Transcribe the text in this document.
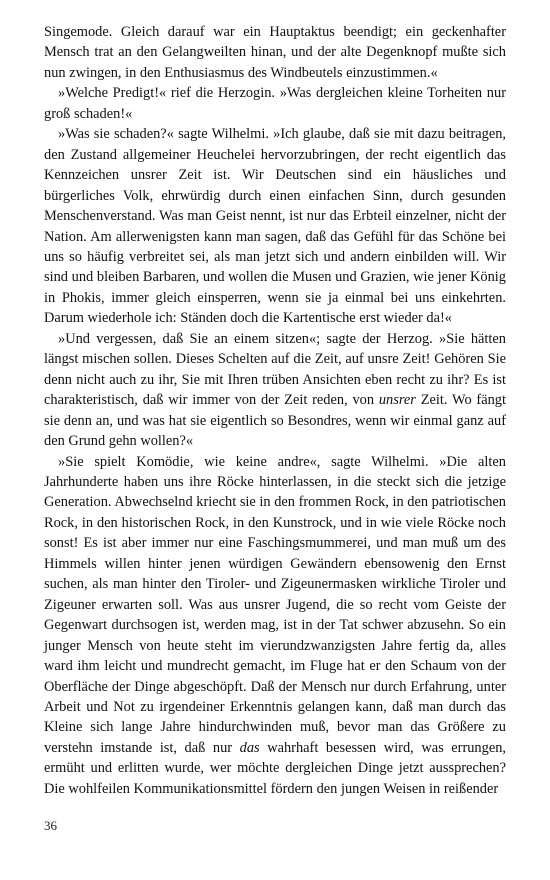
Singemode. Gleich darauf war ein Hauptaktus beendigt; ein geckenhafter Mensch trat an den Gelangweilten hinan, und der alte Degenknopf mußte sich nun zwingen, in den Enthusiasmus des Windbeutels einzustimmen.«

»Welche Predigt!« rief die Herzogin. »Was dergleichen kleine Torheiten nur groß schaden!«

»Was sie schaden?« sagte Wilhelmi. »Ich glaube, daß sie mit dazu beitragen, den Zustand allgemeiner Heuchelei hervorzubringen, der recht eigentlich das Kennzeichen unsrer Zeit ist. Wir Deutschen sind ein häusliches und bürgerliches Volk, ehrwürdig durch einen einfachen Sinn, durch gesunden Menschenverstand. Was man Geist nennt, ist nur das Erbteil einzelner, nicht der Nation. Am allerwenigsten kann man sagen, daß das Gefühl für das Schöne bei uns so häufig verbreitet sei, als man jetzt sich und andern einbilden will. Wir sind und bleiben Barbaren, und wollen die Musen und Grazien, wie jener König in Phokis, immer gleich einsperren, wenn sie ja einmal bei uns einkehrten. Darum wiederhole ich: Ständen doch die Kartentische erst wieder da!«

»Und vergessen, daß Sie an einem sitzen«; sagte der Herzog. »Sie hätten längst mischen sollen. Dieses Schelten auf die Zeit, auf unsre Zeit! Gehören Sie denn nicht auch zu ihr, Sie mit Ihren trüben Ansichten eben recht zu ihr? Es ist charakteristisch, daß wir immer von der Zeit reden, von unsrer Zeit. Wo fängt sie denn an, und was hat sie eigentlich so Besondres, wenn wir einmal ganz auf den Grund gehn wollen?«

»Sie spielt Komödie, wie keine andre«, sagte Wilhelmi. »Die alten Jahrhunderte haben uns ihre Röcke hinterlassen, in die steckt sich die jetzige Generation. Abwechselnd kriecht sie in den frommen Rock, in den patriotischen Rock, in den historischen Rock, in den Kunstrock, und in wie viele Röcke noch sonst! Es ist aber immer nur eine Faschingsmummerei, und man muß um des Himmels willen hinter jenen würdigen Gewändern ebensowenig den Ernst suchen, als man hinter den Tiroler- und Zigeunermasken wirkliche Tiroler und Zigeuner erwarten soll. Was aus unsrer Jugend, die so recht vom Geiste der Gegenwart durchsogen ist, werden mag, ist in der Tat schwer abzusehn. So ein junger Mensch von heute steht im vierundzwanzigsten Jahre fertig da, alles ward ihm leicht und mundrecht gemacht, im Fluge hat er den Schaum von der Oberfläche der Dinge abgeschöpft. Daß der Mensch nur durch Erfahrung, unter Arbeit und Not zu irgendeiner Erkenntnis gelangen kann, daß man durch das Kleine sich lange Jahre hindurchwinden muß, bevor man das Größere zu verstehn imstande ist, daß nur das wahrhaft besessen wird, was errungen, ermüht und erlitten wurde, wer möchte dergleichen Dinge jetzt aussprechen? Die wohlfeilen Kommunikationsmittel fördern den jungen Weisen in reißender

36
